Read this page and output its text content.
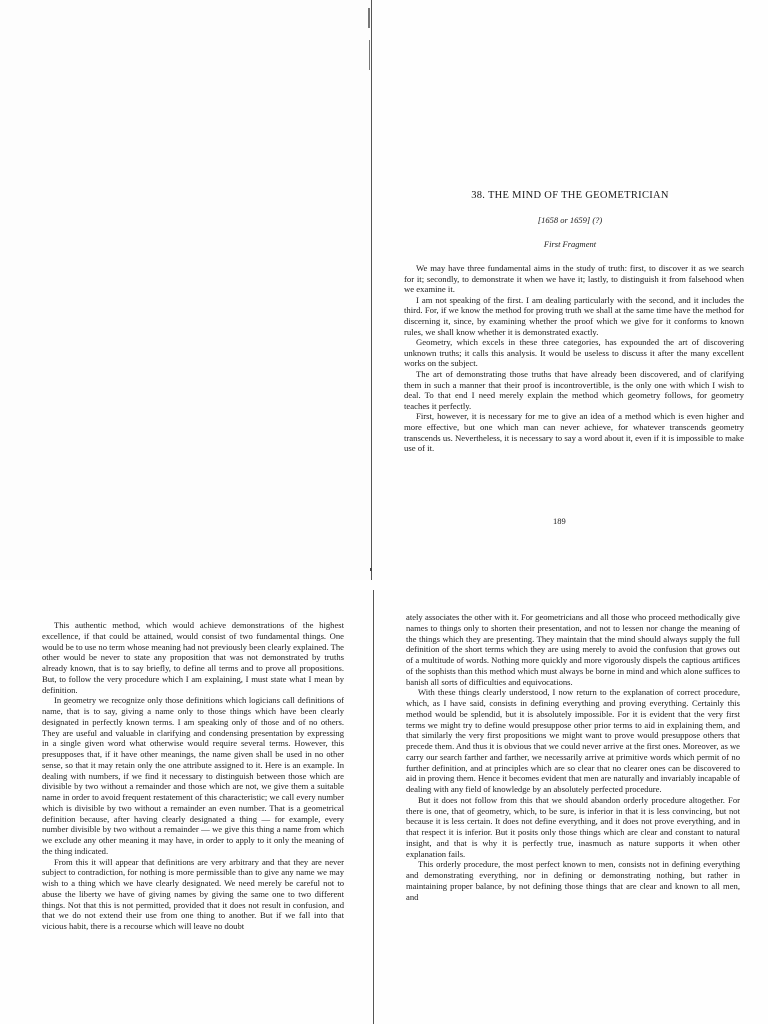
38. THE MIND OF THE GEOMETRICIAN
[1658 or 1659] (?)
First Fragment

We may have three fundamental aims in the study of truth: first, to discover it as we search for it; secondly, to demonstrate it when we have it; lastly, to distinguish it from falsehood when we examine it.

I am not speaking of the first. I am dealing particularly with the second, and it includes the third. For, if we know the method for proving truth we shall at the same time have the method for discerning it, since, by examining whether the proof which we give for it conforms to known rules, we shall know whether it is demonstrated exactly.

Geometry, which excels in these three categories, has expounded the art of discovering unknown truths; it calls this analysis. It would be useless to discuss it after the many excellent works on the subject.

The art of demonstrating those truths that have already been discovered, and of clarifying them in such a manner that their proof is incontrovertible, is the only one with which I wish to deal. To that end I need merely explain the method which geometry follows, for geometry teaches it perfectly.

First, however, it is necessary for me to give an idea of a method which is even higher and more effective, but one which man can never achieve, for whatever transcends geometry transcends us. Nevertheless, it is necessary to say a word about it, even if it is impossible to make use of it.

189

This authentic method, which would achieve demonstrations of the highest excellence, if that could be attained, would consist of two fundamental things. One would be to use no term whose meaning had not previously been clearly explained. The other would be never to state any proposition that was not demonstrated by truths already known, that is to say briefly, to define all terms and to prove all propositions. But, to follow the very procedure which I am explaining, I must state what I mean by definition.

In geometry we recognize only those definitions which logicians call definitions of name, that is to say, giving a name only to those things which have been clearly designated in perfectly known terms. I am speaking only of those and of no others. They are useful and valuable in clarifying and condensing presentation by expressing in a single given word what otherwise would require several terms. However, this presupposes that, if it have other meanings, the name given shall be used in no other sense, so that it may retain only the one attribute assigned to it. Here is an example. In dealing with numbers, if we find it necessary to distinguish between those which are divisible by two without a remainder and those which are not, we give them a suitable name in order to avoid frequent restatement of this characteristic; we call every number which is divisible by two without a remainder an even number. That is a geometrical definition because, after having clearly designated a thing — for example, every number divisible by two without a remainder — we give this thing a name from which we exclude any other meaning it may have, in order to apply to it only the meaning of the thing indicated.

From this it will appear that definitions are very arbitrary and that they are never subject to contradiction, for nothing is more permissible than to give any name we may wish to a thing which we have clearly designated. We need merely be careful not to abuse the liberty we have of giving names by giving the same one to two different things. Not that this is not permitted, provided that it does not result in confusion, and that we do not extend their use from one thing to another. But if we fall into that vicious habit, there is a recourse which will leave no doubt

ately associates the other with it. For geometricians and all those who proceed methodically give names to things only to shorten their presentation, and not to lessen nor change the meaning of the things which they are presenting. They maintain that the mind should always supply the full definition of the short terms which they are using merely to avoid the confusion that grows out of a multitude of words. Nothing more quickly and more vigorously dispels the captious artifices of the sophists than this method which must always be borne in mind and which alone suffices to banish all sorts of difficulties and equivocations.

With these things clearly understood, I now return to the explanation of correct procedure, which, as I have said, consists in defining everything and proving everything. Certainly this method would be splendid, but it is absolutely impossible. For it is evident that the very first terms we might try to define would presuppose other prior terms to aid in explaining them, and that similarly the very first propositions we might want to prove would presuppose others that precede them. And thus it is obvious that we could never arrive at the first ones. Moreover, as we carry our search farther and farther, we necessarily arrive at primitive words which permit of no further definition, and at principles which are so clear that no clearer ones can be discovered to aid in proving them. Hence it becomes evident that men are naturally and invariably incapable of dealing with any field of knowledge by an absolutely perfected procedure.

But it does not follow from this that we should abandon orderly procedure altogether. For there is one, that of geometry, which, to be sure, is inferior in that it is less convincing, but not because it is less certain. It does not define everything, and it does not prove everything, and in that respect it is inferior. But it posits only those things which are clear and constant to natural insight, and that is why it is perfectly true, inasmuch as nature supports it when other explanation fails.

This orderly procedure, the most perfect known to men, consists not in defining everything and demonstrating everything, nor in defining or demonstrating nothing, but rather in maintaining proper balance, by not defining those things that are clear and known to all men, and
